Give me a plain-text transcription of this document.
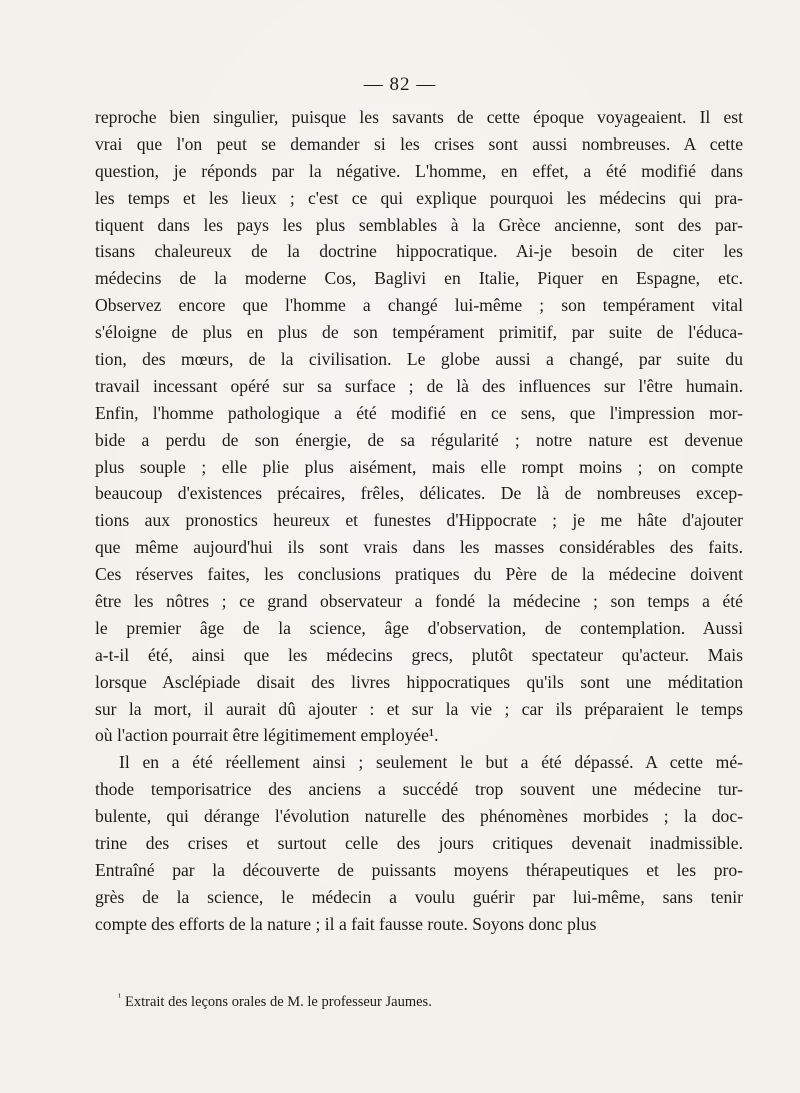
— 82 —
reproche bien singulier, puisque les savants de cette époque voyageaient. Il est
vrai que l'on peut se demander si les crises sont aussi nombreuses. A cette
question, je réponds par la négative. L'homme, en effet, a été modifié dans
les temps et les lieux ; c'est ce qui explique pourquoi les médecins qui pra-
tiquent dans les pays les plus semblables à la Grèce ancienne, sont des par-
tisans chaleureux de la doctrine hippocratique. Ai-je besoin de citer les
médecins de la moderne Cos, Baglivi en Italie, Piquer en Espagne, etc.
Observez encore que l'homme a changé lui-même ; son tempérament vital
s'éloigne de plus en plus de son tempérament primitif, par suite de l'éduca-
tion, des mœurs, de la civilisation. Le globe aussi a changé, par suite du
travail incessant opéré sur sa surface ; de là des influences sur l'être humain.
Enfin, l'homme pathologique a été modifié en ce sens, que l'impression mor-
bide a perdu de son énergie, de sa régularité ; notre nature est devenue
plus souple ; elle plie plus aisément, mais elle rompt moins ; on compte
beaucoup d'existences précaires, frêles, délicates. De là de nombreuses excep-
tions aux pronostics heureux et funestes d'Hippocrate ; je me hâte d'ajouter
que même aujourd'hui ils sont vrais dans les masses considérables des faits.
Ces réserves faites, les conclusions pratiques du Père de la médecine doivent
être les nôtres ; ce grand observateur a fondé la médecine ; son temps a été
le premier âge de la science, âge d'observation, de contemplation. Aussi
a-t-il été, ainsi que les médecins grecs, plutôt spectateur qu'acteur. Mais
lorsque Asclépiade disait des livres hippocratiques qu'ils sont une méditation
sur la mort, il aurait dû ajouter : et sur la vie ; car ils préparaient le temps
où l'action pourrait être légitimement employée¹.
Il en a été réellement ainsi ; seulement le but a été dépassé. A cette mé-
thode temporisatrice des anciens a succédé trop souvent une médecine tur-
bulente, qui dérange l'évolution naturelle des phénomènes morbides ; la doc-
trine des crises et surtout celle des jours critiques devenait inadmissible.
Entraîné par la découverte de puissants moyens thérapeutiques et les pro-
grès de la science, le médecin a voulu guérir par lui-même, sans tenir
compte des efforts de la nature ; il a fait fausse route. Soyons donc plus
$^{^1}$ Extrait des leçons orales de M. le professeur Jaumes.
